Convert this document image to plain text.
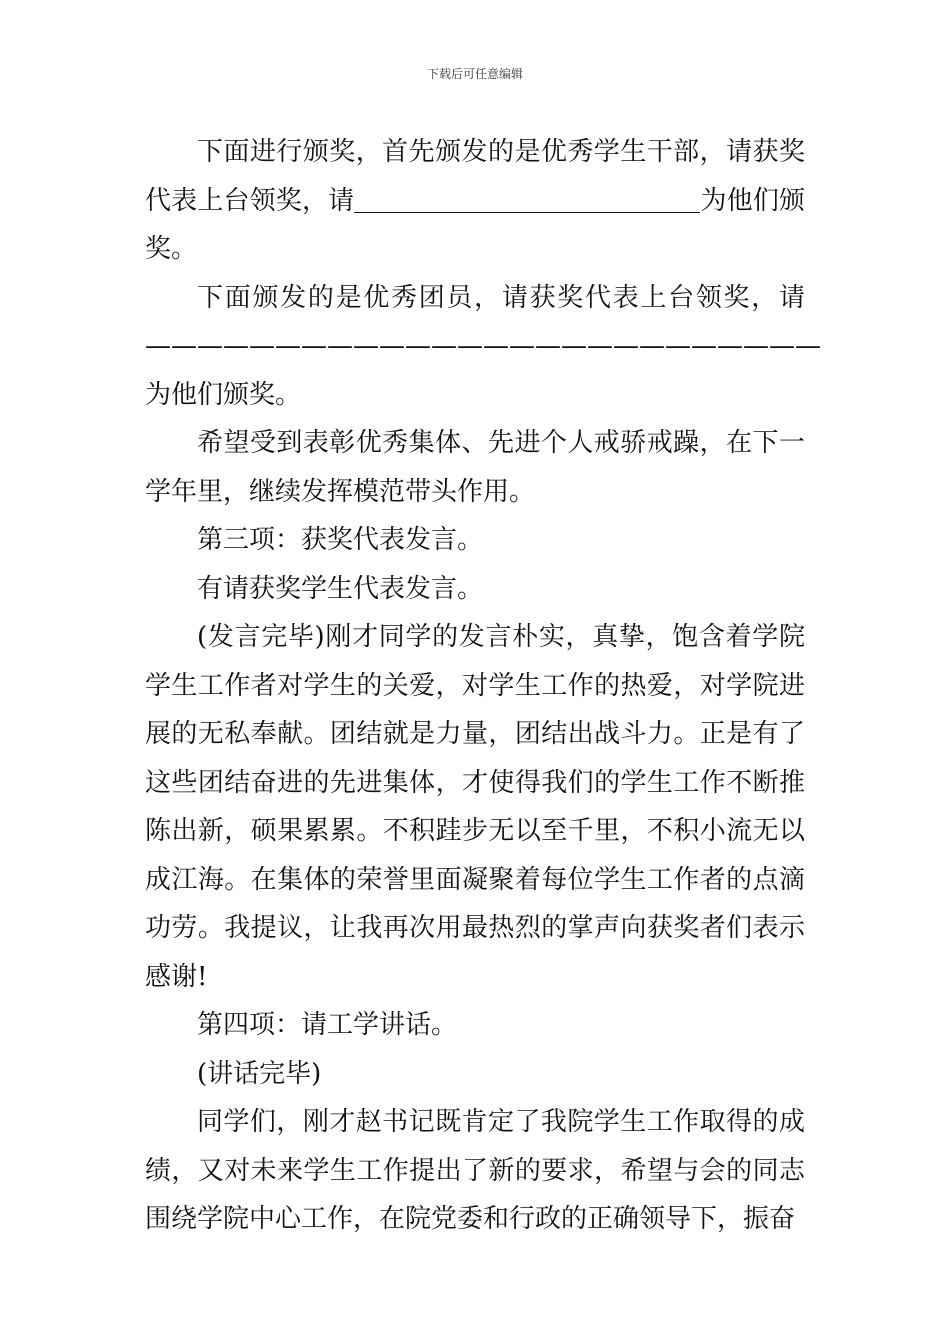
下载后可任意编辑

下面进行颁奖，首先颁发的是优秀学生干部，请获奖代表上台领奖，请	为他们颁奖。

下面颁发的是优秀团员，请获奖代表上台领奖，请——————————————————————————为他们颁奖。

希望受到表彰优秀集体、先进个人戒骄戒躁，在下一学年里，继续发挥模范带头作用。

第三项：获奖代表发言。

有请获奖学生代表发言。

(发言完毕)刚才同学的发言朴实，真挚，饱含着学院学生工作者对学生的关爱，对学生工作的热爱，对学院进展的无私奉献。团结就是力量，团结出战斗力。正是有了这些团结奋进的先进集体，才使得我们的学生工作不断推陈出新，硕果累累。不积跬步无以至千里，不积小流无以成江海。在集体的荣誉里面凝聚着每位学生工作者的点滴功劳。我提议，让我再次用最热烈的掌声向获奖者们表示感谢!

第四项：请工学讲话。

(讲话完毕)

同学们，刚才赵书记既肯定了我院学生工作取得的成绩，又对未来学生工作提出了新的要求，希望与会的同志围绕学院中心工作，在院党委和行政的正确领导下，振奋
